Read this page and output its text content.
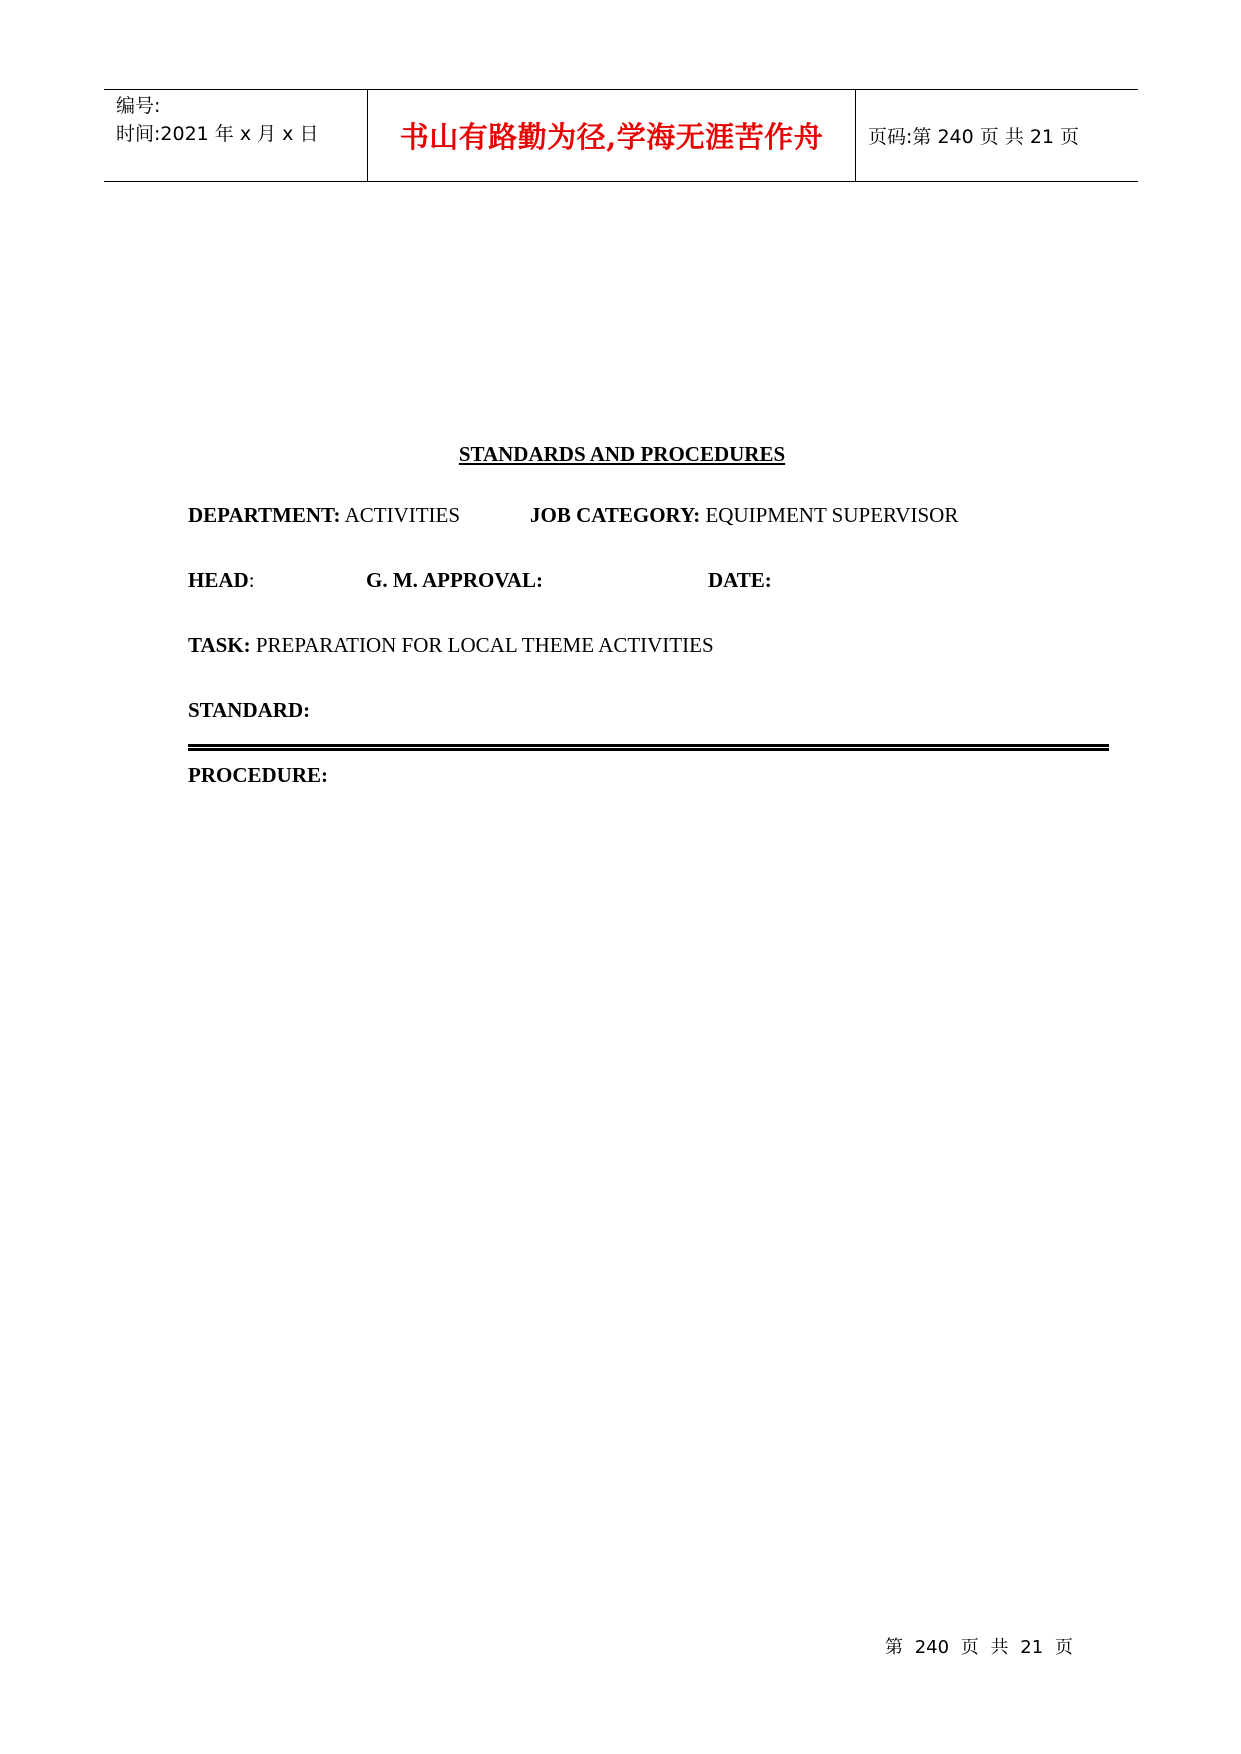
编号:
时间:2021 年 x 月 x 日	书山有路勤为径,学海无涯苦作舟 页码:第 240 页 共 21 页
STANDARDS AND PROCEDURES
DEPARTMENT: ACTIVITIES	JOB CATEGORY: EQUIPMENT SUPERVISOR
HEAD:	G. M. APPROVAL:	DATE:
TASK: PREPARATION FOR LOCAL THEME ACTIVITIES
STANDARD:
PROCEDURE:
第 240 页 共 21 页
